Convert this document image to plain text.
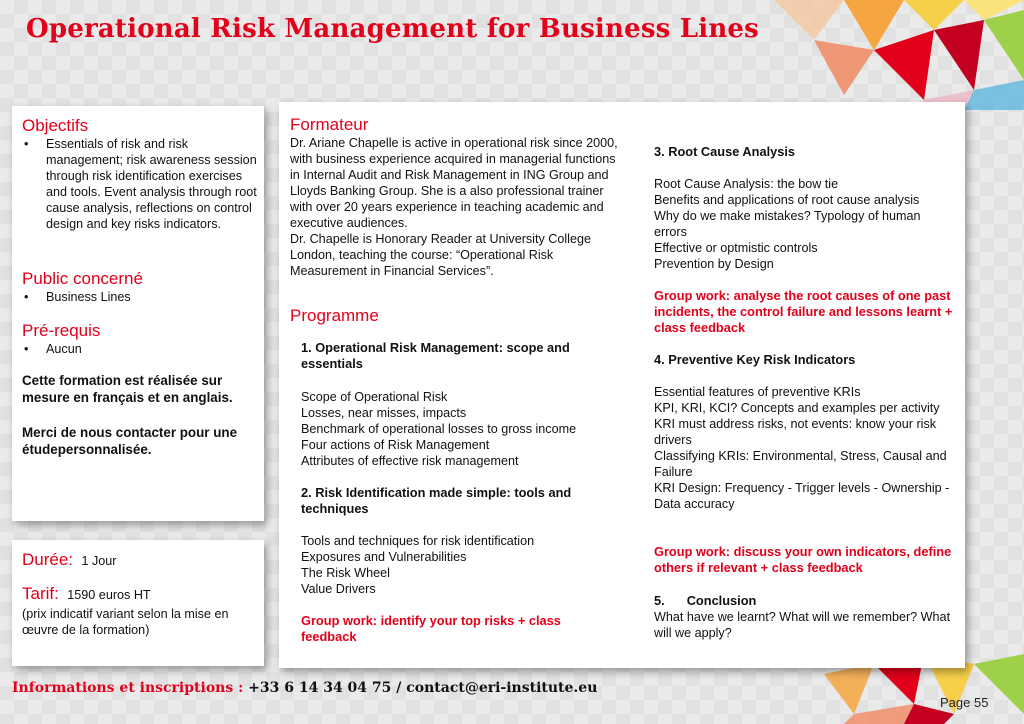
Operational Risk Management for Business Lines
Objectifs
•	Essentials of risk and risk management; risk awareness session through risk identification exercises and tools. Event analysis through root cause analysis, reflections on control design and key risks indicators.
Public concerné
•	Business Lines
Pré-requis
•	Aucun
Cette formation est réalisée sur mesure en français et en anglais.
Merci de nous contacter pour une étudepersonnalisée.
Durée: 1 Jour
Tarif: 1590 euros HT
(prix indicatif variant selon la mise en œuvre de la formation)
Formateur

Dr. Ariane Chapelle is active in operational risk since 2000, with business experience acquired in managerial functions in Internal Audit and Risk Management in ING Group and Lloyds Banking Group. She is a also professional trainer with over 20 years experience in teaching academic and executive audiences.

Dr. Chapelle is Honorary Reader at University College London, teaching the course: “Operational Risk Measurement in Financial Services”.

Programme
1. Operational Risk Management: scope and essentials
Scope of Operational Risk
Losses, near misses, impacts
Benchmark of operational losses to gross income
Four actions of Risk Management
Attributes of effective risk management
2. Risk Identification made simple: tools and techniques
Tools and techniques for risk identification
Exposures and Vulnerabilities
The Risk Wheel
Value Drivers
Group work: identify your top risks + class feedback
3. Root Cause Analysis
Root Cause Analysis: the bow tie
Benefits and applications of root cause analysis
Why do we make mistakes? Typology of human errors
Effective or optmistic controls
Prevention by Design
Group work: analyse the root causes of one past incidents, the control failure and lessons learnt + class feedback
4. Preventive Key Risk Indicators
Essential features of preventive KRIs
KPI, KRI, KCI? Concepts and examples per activity
KRI must address risks, not events: know your risk drivers
Classifying KRIs: Environmental, Stress, Causal and Failure
KRI Design: Frequency - Trigger levels - Ownership - Data accuracy
Group work: discuss your own indicators, define others if relevant + class feedback
5. Conclusion
What have we learnt? What will we remember? What will we apply?
Informations et inscriptions : +33 6 14 34 04 75 / contact@eri-institute.eu
Page 55
